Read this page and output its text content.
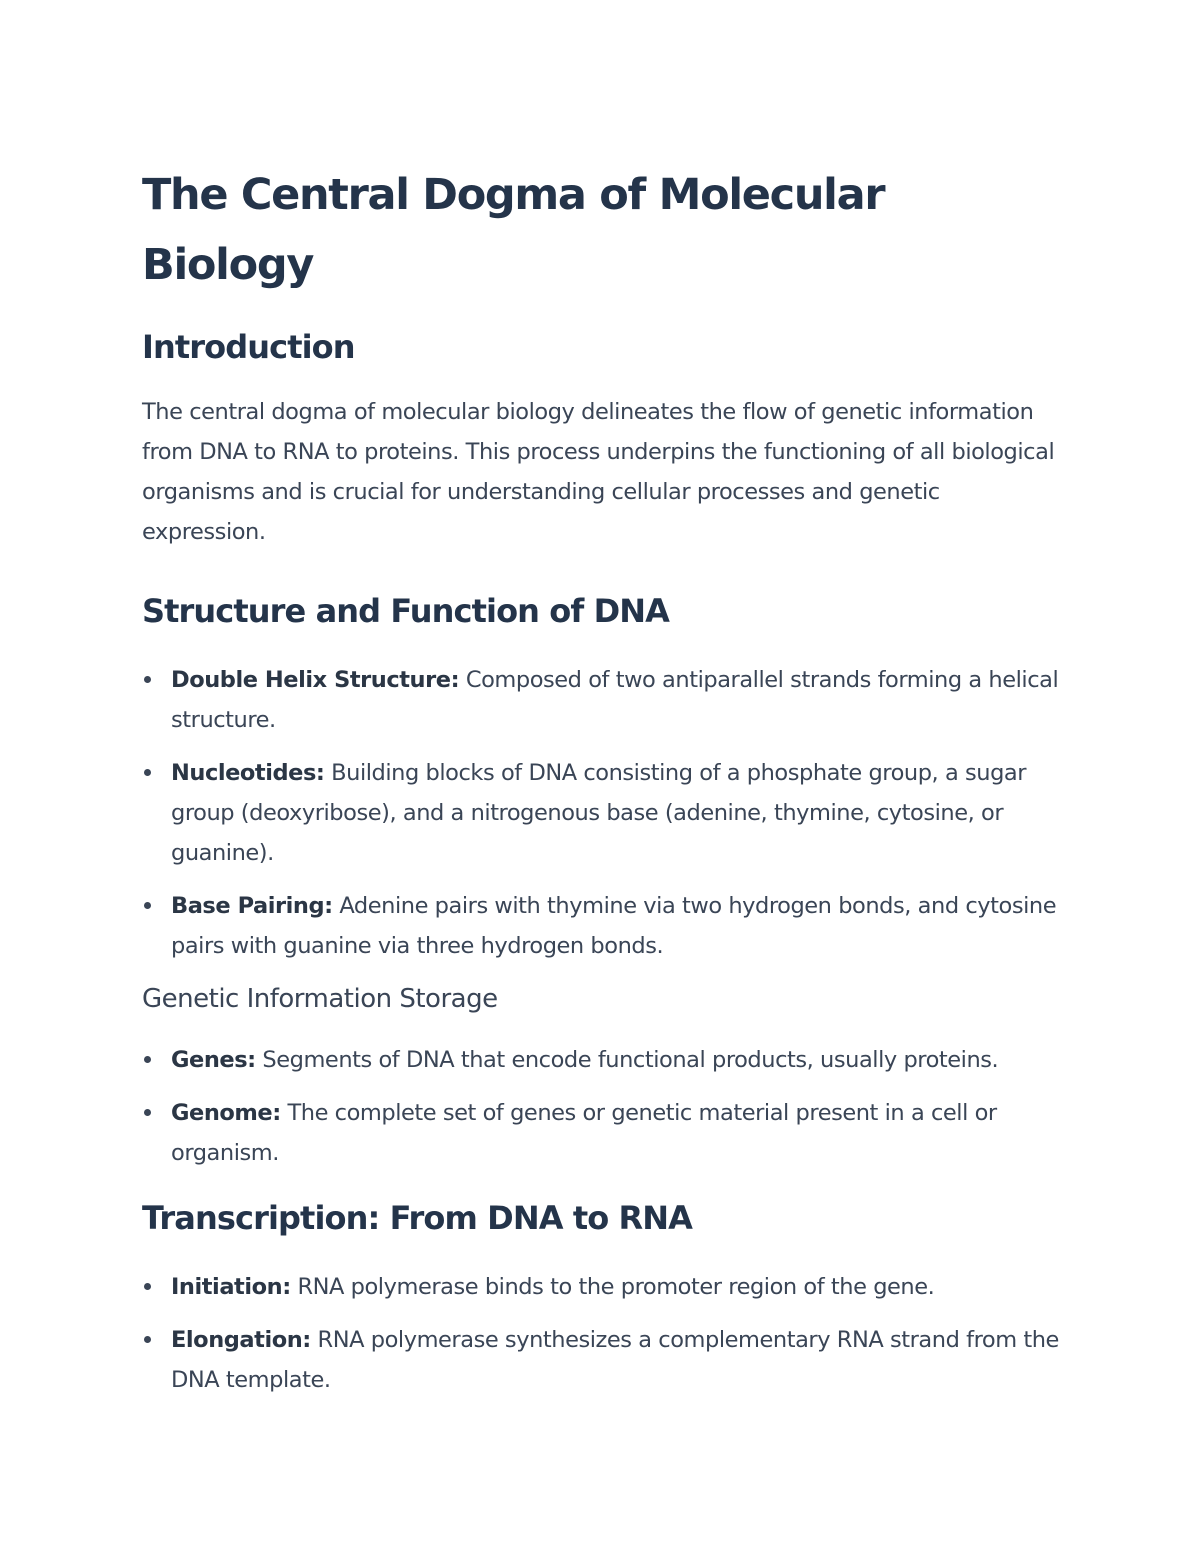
The Central Dogma of Molecular Biology
Introduction

The central dogma of molecular biology delineates the flow of genetic information from DNA to RNA to proteins. This process underpins the functioning of all biological organisms and is crucial for understanding cellular processes and genetic expression.

Structure and Function of DNA
Double Helix Structure: Composed of two antiparallel strands forming a helical structure.
Nucleotides: Building blocks of DNA consisting of a phosphate group, a sugar group (deoxyribose), and a nitrogenous base (adenine, thymine, cytosine, or guanine).
Base Pairing: Adenine pairs with thymine via two hydrogen bonds, and cytosine pairs with guanine via three hydrogen bonds.
Genetic Information Storage
Genes: Segments of DNA that encode functional products, usually proteins.
Genome: The complete set of genes or genetic material present in a cell or organism.
Transcription: From DNA to RNA
Initiation: RNA polymerase binds to the promoter region of the gene.
Elongation: RNA polymerase synthesizes a complementary RNA strand from the DNA template.
